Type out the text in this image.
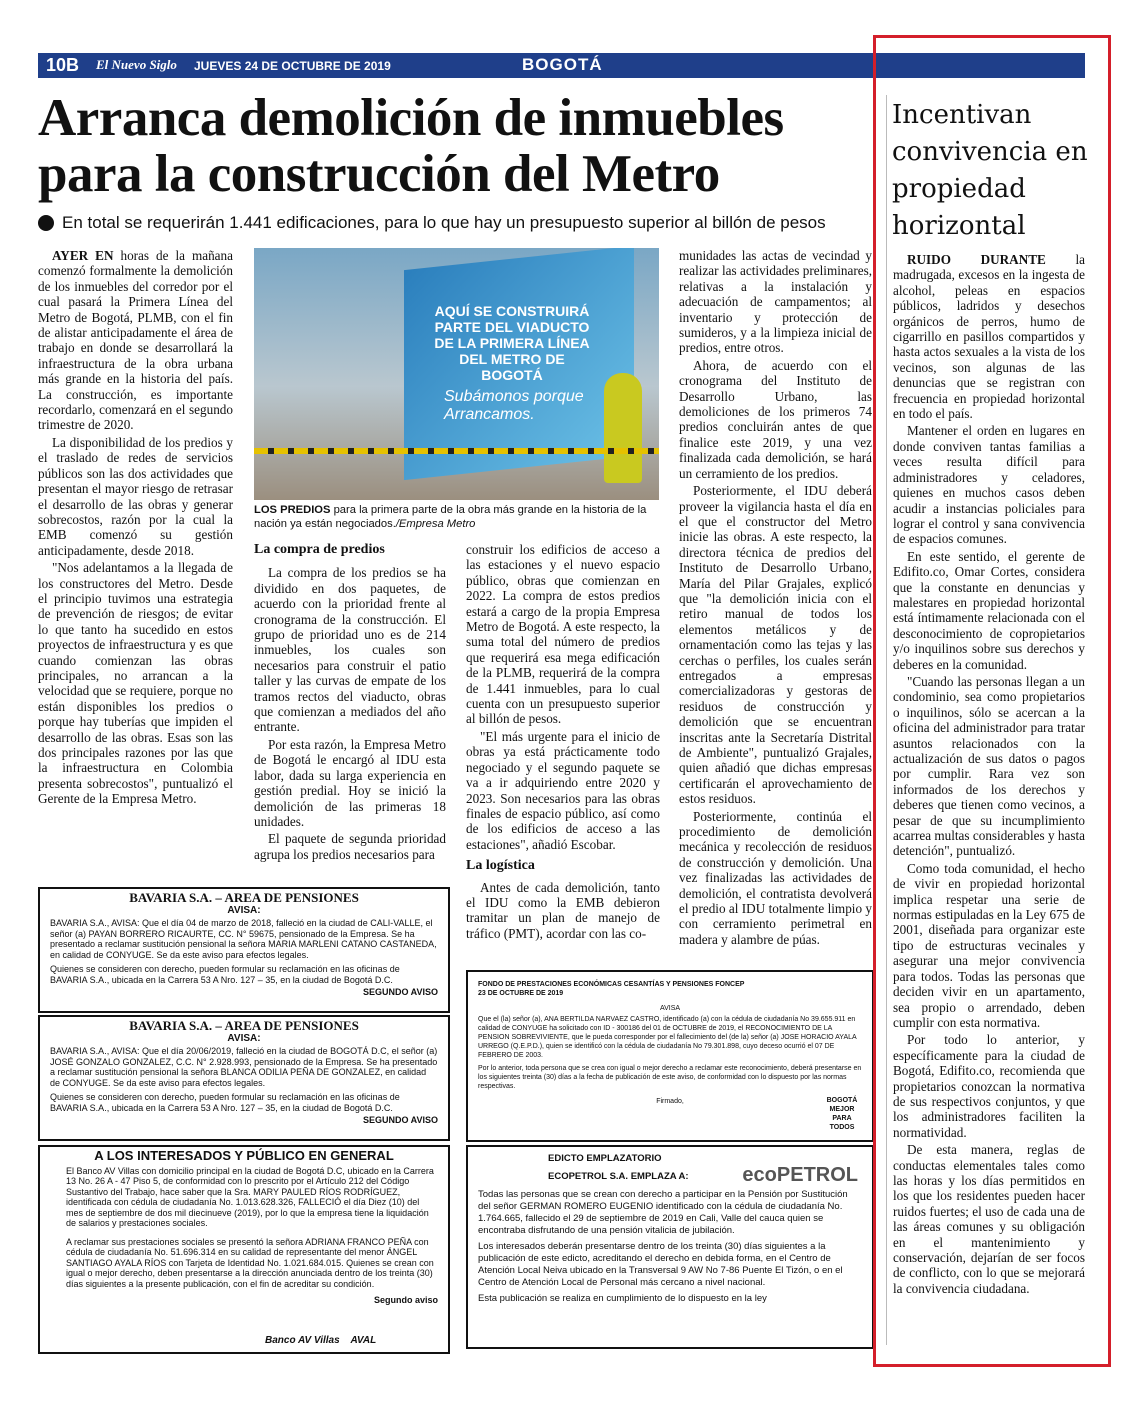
10B El Nuevo Siglo JUEVES 24 DE OCTUBRE DE 2019	BOGOTÁ
Arranca demolición de inmuebles para la construcción del Metro
En total se requerirán 1.441 edificaciones, para lo que hay un presupuesto superior al billón de pesos

AYER EN horas de la mañana comenzó formalmente la demolición de los inmuebles del corredor por el cual pasará la Primera Línea del Metro de Bogotá, PLMB, con el fin de alistar anticipadamente el área de trabajo en donde se desarrollará la infraestructura de la obra urbana más grande en la historia del país. La construcción, es importante recordarlo, comenzará en el segundo trimestre de 2020.

La disponibilidad de los predios y el traslado de redes de servicios públicos son las dos actividades que presentan el mayor riesgo de retrasar el desarrollo de las obras y generar sobrecostos, razón por la cual la EMB comenzó su gestión anticipadamente, desde 2018.

"Nos adelantamos a la llegada de los constructores del Metro. Desde el principio tuvimos una estrategia de prevención de riesgos; de evitar lo que tanto ha sucedido en estos proyectos de infraestructura y es que cuando comienzan las obras principales, no arrancan a la velocidad que se requiere, porque no están disponibles los predios o porque hay tuberías que impiden el desarrollo de las obras. Esas son las dos principales razones por las que la infraestructura en Colombia presenta sobrecostos", puntualizó el Gerente de la Empresa Metro.

AQUÍ SE CONSTRUIRÁ PARTE DEL VIADUCTO DE LA PRIMERA LÍNEA DEL METRO DE BOGOTÁ
Subámonos porque Arrancamos.
LOS PREDIOS para la primera parte de la obra más grande en la historia de la nación ya están negociados./Empresa Metro
La compra de predios

La compra de los predios se ha dividido en dos paquetes, de acuerdo con la prioridad frente al cronograma de la construcción. El grupo de prioridad uno es de 214 inmuebles, los cuales son necesarios para construir el patio taller y las curvas de empate de los tramos rectos del viaducto, obras que comienzan a mediados del año entrante.

Por esta razón, la Empresa Metro de Bogotá le encargó al IDU esta labor, dada su larga experiencia en gestión predial. Hoy se inició la demolición de las primeras 18 unidades.

El paquete de segunda prioridad agrupa los predios necesarios para

construir los edificios de acceso a las estaciones y el nuevo espacio público, obras que comienzan en 2022. La compra de estos predios estará a cargo de la propia Empresa Metro de Bogotá. A este respecto, la suma total del número de predios que requerirá esa mega edificación de la PLMB, requerirá de la compra de 1.441 inmuebles, para lo cual cuenta con un presupuesto superior al billón de pesos.

"El más urgente para el inicio de obras ya está prácticamente todo negociado y el segundo paquete se va a ir adquiriendo entre 2020 y 2023. Son necesarios para las obras finales de espacio público, así como de los edificios de acceso a las estaciones", añadió Escobar.

La logística

Antes de cada demolición, tanto el IDU como la EMB debieron tramitar un plan de manejo de tráfico (PMT), acordar con las co-

munidades las actas de vecindad y realizar las actividades preliminares, relativas a la instalación y adecuación de campamentos; al inventario y protección de sumideros, y a la limpieza inicial de predios, entre otros.

Ahora, de acuerdo con el cronograma del Instituto de Desarrollo Urbano, las demoliciones de los primeros 74 predios concluirán antes de que finalice este 2019, y una vez finalizada cada demolición, se hará un cerramiento de los predios.

Posteriormente, el IDU deberá proveer la vigilancia hasta el día en el que el constructor del Metro inicie las obras. A este respecto, la directora técnica de predios del Instituto de Desarrollo Urbano, María del Pilar Grajales, explicó que "la demolición inicia con el retiro manual de todos los elementos metálicos y de ornamentación como las tejas y las cerchas o perfiles, los cuales serán entregados a empresas comercializadoras y gestoras de residuos de construcción y demolición que se encuentran inscritas ante la Secretaría Distrital de Ambiente", puntualizó Grajales, quien añadió que dichas empresas certificarán el aprovechamiento de estos residuos.

Posteriormente, continúa el procedimiento de demolición mecánica y recolección de residuos de construcción y demolición. Una vez finalizadas las actividades de demolición, el contratista devolverá el predio al IDU totalmente limpio y con cerramiento perimetral en madera y alambre de púas.

BAVARIA S.A. – AREA DE PENSIONES
AVISA:
BAVARIA S.A., AVISA: Que el día 04 de marzo de 2018, falleció en la ciudad de CALI-VALLE, el señor (a) PAYAN BORRERO RICAURTE, CC. N° 59675, pensionado de la Empresa. Se ha presentado a reclamar sustitución pensional la señora MARIA MARLENI CATANO CASTANEDA, en calidad de CONYUGE. Se da este aviso para efectos legales.
Quienes se consideren con derecho, pueden formular su reclamación en las oficinas de BAVARIA S.A., ubicada en la Carrera 53 A Nro. 127 – 35, en la ciudad de Bogotá D.C.
SEGUNDO AVISO
BAVARIA S.A. – AREA DE PENSIONES
AVISA:
BAVARIA S.A., AVISA: Que el día 20/06/2019, falleció en la ciudad de BOGOTÁ D.C, el señor (a) JOSÉ GONZALO GONZALEZ, C.C. N° 2.928.993, pensionado de la Empresa. Se ha presentado a reclamar sustitución pensional la señora BLANCA ODILIA PEÑA DE GONZALEZ, en calidad de CONYUGE. Se da este aviso para efectos legales.
Quienes se consideren con derecho, pueden formular su reclamación en las oficinas de BAVARIA S.A., ubicada en la Carrera 53 A Nro. 127 – 35, en la ciudad de Bogotá D.C.
SEGUNDO AVISO
A LOS INTERESADOS Y PÚBLICO EN GENERAL
El Banco AV Villas con domicilio principal en la ciudad de Bogotá D.C, ubicado en la Carrera 13 No. 26 A - 47 Piso 5, de conformidad con lo prescrito por el Artículo 212 del Código Sustantivo del Trabajo, hace saber que la Sra. MARY PAULED RÍOS RODRÍGUEZ, identificada con cédula de ciudadanía No. 1.013.628.326, FALLECIÓ el día Diez (10) del mes de septiembre de dos mil diecinueve (2019), por lo que la empresa tiene la liquidación de salarios y prestaciones sociales.
A reclamar sus prestaciones sociales se presentó la señora ADRIANA FRANCO PEÑA con cédula de ciudadanía No. 51.696.314 en su calidad de representante del menor ÁNGEL SANTIAGO AYALA RÍOS con Tarjeta de Identidad No. 1.021.684.015. Quienes se crean con igual o mejor derecho, deben presentarse a la dirección anunciada dentro de los treinta (30) días siguientes a la presente publicación, con el fin de acreditar su condición.
Segundo aviso
Banco AV Villas AVAL
FONDO DE PRESTACIONES ECONÓMICAS CESANTÍAS Y PENSIONES FONCEP
23 DE OCTUBRE DE 2019
AVISA
Que el (la) señor (a), ANA BERTILDA NARVAEZ CASTRO, identificado (a) con la cédula de ciudadanía No 39.655.911 en calidad de CONYUGE ha solicitado con ID - 300186 del 01 de OCTUBRE de 2019, el RECONOCIMIENTO DE LA PENSION SOBREVIVIENTE, que le pueda corresponder por el fallecimiento del (de la) señor (a) JOSE HORACIO AYALA URREGO (Q.E.P.D.), quien se identificó con la cédula de ciudadanía No 79.301.898, cuyo deceso ocurrió el 07 DE FEBRERO DE 2003.
Por lo anterior, toda persona que se crea con igual o mejor derecho a reclamar este reconocimiento, deberá presentarse en los siguientes treinta (30) días a la fecha de publicación de este aviso, de conformidad con lo dispuesto por las normas respectivas.
Firmado,	BOGOTÁ MEJOR PARA TODOS
EDICTO EMPLAZATORIO
ECOPETROL S.A. EMPLAZA A:	ecoPETROL
Todas las personas que se crean con derecho a participar en la Pensión por Sustitución del señor GERMAN ROMERO EUGENIO identificado con la cédula de ciudadanía No. 1.764.665, fallecido el 29 de septiembre de 2019 en Cali, Valle del cauca quien se encontraba disfrutando de una pensión vitalicia de jubilación.
Los interesados deberán presentarse dentro de los treinta (30) días siguientes a la publicación de este edicto, acreditando el derecho en debida forma, en el Centro de Atención Local Neiva ubicado en la Transversal 9 AW No 7-86 Puente El Tizón, o en el Centro de Atención Local de Personal más cercano a nivel nacional.
Esta publicación se realiza en cumplimiento de lo dispuesto en la ley
Incentivan convivencia en propiedad horizontal

RUIDO DURANTE la madrugada, excesos en la ingesta de alcohol, peleas en espacios públicos, ladridos y desechos orgánicos de perros, humo de cigarrillo en pasillos compartidos y hasta actos sexuales a la vista de los vecinos, son algunas de las denuncias que se registran con frecuencia en propiedad horizontal en todo el país.

Mantener el orden en lugares en donde conviven tantas familias a veces resulta difícil para administradores y celadores, quienes en muchos casos deben acudir a instancias policiales para lograr el control y sana convivencia de espacios comunes.

En este sentido, el gerente de Edifito.co, Omar Cortes, considera que la constante en denuncias y malestares en propiedad horizontal está íntimamente relacionada con el desconocimiento de copropietarios y/o inquilinos sobre sus derechos y deberes en la comunidad.

"Cuando las personas llegan a un condominio, sea como propietarios o inquilinos, sólo se acercan a la oficina del administrador para tratar asuntos relacionados con la actualización de sus datos o pagos por cumplir. Rara vez son informados de los derechos y deberes que tienen como vecinos, a pesar de que su incumplimiento acarrea multas considerables y hasta detención", puntualizó.

Como toda comunidad, el hecho de vivir en propiedad horizontal implica respetar una serie de normas estipuladas en la Ley 675 de 2001, diseñada para organizar este tipo de estructuras vecinales y asegurar una mejor convivencia para todos. Todas las personas que deciden vivir en un apartamento, sea propio o arrendado, deben cumplir con esta normativa.

Por todo lo anterior, y específicamente para la ciudad de Bogotá, Edifito.co, recomienda que propietarios conozcan la normativa de sus respectivos conjuntos, y que los administradores faciliten la normatividad.

De esta manera, reglas de conductas elementales tales como las horas y los días permitidos en los que los residentes pueden hacer ruidos fuertes; el uso de cada una de las áreas comunes y su obligación en el mantenimiento y conservación, dejarían de ser focos de conflicto, con lo que se mejorará la convivencia ciudadana.
